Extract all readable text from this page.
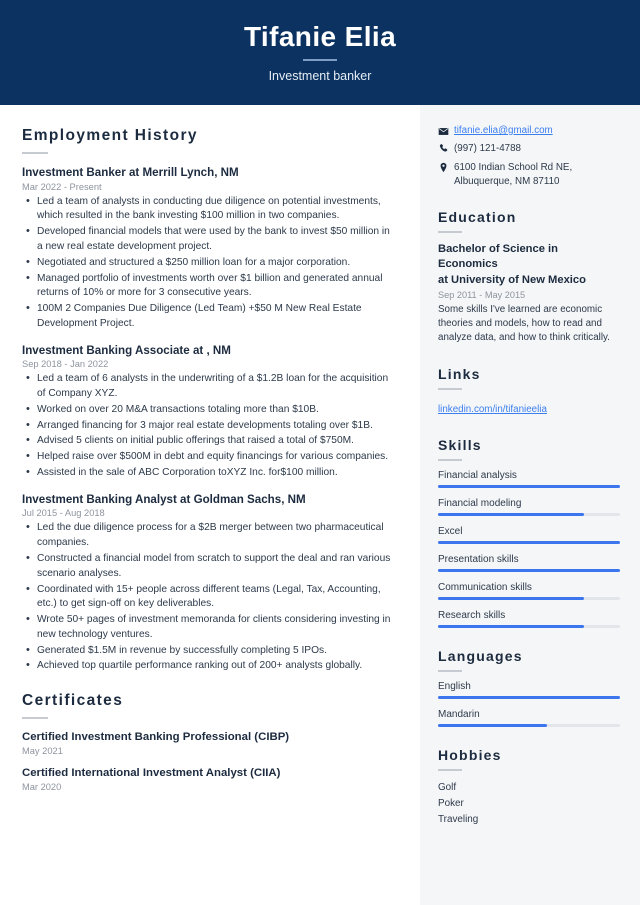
Tifanie Elia
Investment banker
Employment History
Investment Banker at Merrill Lynch, NM
Mar 2022 - Present
• Led a team of analysts in conducting due diligence on potential investments, which resulted in the bank investing $100 million in two companies.
• Developed financial models that were used by the bank to invest $50 million in a new real estate development project.
• Negotiated and structured a $250 million loan for a major corporation.
• Managed portfolio of investments worth over $1 billion and generated annual returns of 10% or more for 3 consecutive years.
• 100M 2 Companies Due Diligence (Led Team) +$50 M New Real Estate Development Project.
Investment Banking Associate at , NM
Sep 2018 - Jan 2022
• Led a team of 6 analysts in the underwriting of a $1.2B loan for the acquisition of Company XYZ.
• Worked on over 20 M&A transactions totaling more than $10B.
• Arranged financing for 3 major real estate developments totaling over $1B.
• Advised 5 clients on initial public offerings that raised a total of $750M.
• Helped raise over $500M in debt and equity financings for various companies.
• Assisted in the sale of ABC Corporation toXYZ Inc. for$100 million.
Investment Banking Analyst at Goldman Sachs, NM
Jul 2015 - Aug 2018
• Led the due diligence process for a $2B merger between two pharmaceutical companies.
• Constructed a financial model from scratch to support the deal and ran various scenario analyses.
• Coordinated with 15+ people across different teams (Legal, Tax, Accounting, etc.) to get sign-off on key deliverables.
• Wrote 50+ pages of investment memoranda for clients considering investing in new technology ventures.
• Generated $1.5M in revenue by successfully completing 5 IPOs.
• Achieved top quartile performance ranking out of 200+ analysts globally.
Certificates
Certified Investment Banking Professional (CIBP)
May 2021
Certified International Investment Analyst (CIIA)
Mar 2020
tifanie.elia@gmail.com
(997) 121-4788
6100 Indian School Rd NE,
Albuquerque, NM 87110
Education
Bachelor of Science in Economics
at University of New Mexico
Sep 2011 - May 2015
Some skills I've learned are economic theories and models, how to read and analyze data, and how to think critically.
Links
linkedin.com/in/tifanieelia
Skills
Financial analysis
Financial modeling
Excel
Presentation skills
Communication skills
Research skills
Languages
English
Mandarin
Hobbies
Golf
Poker
Traveling
